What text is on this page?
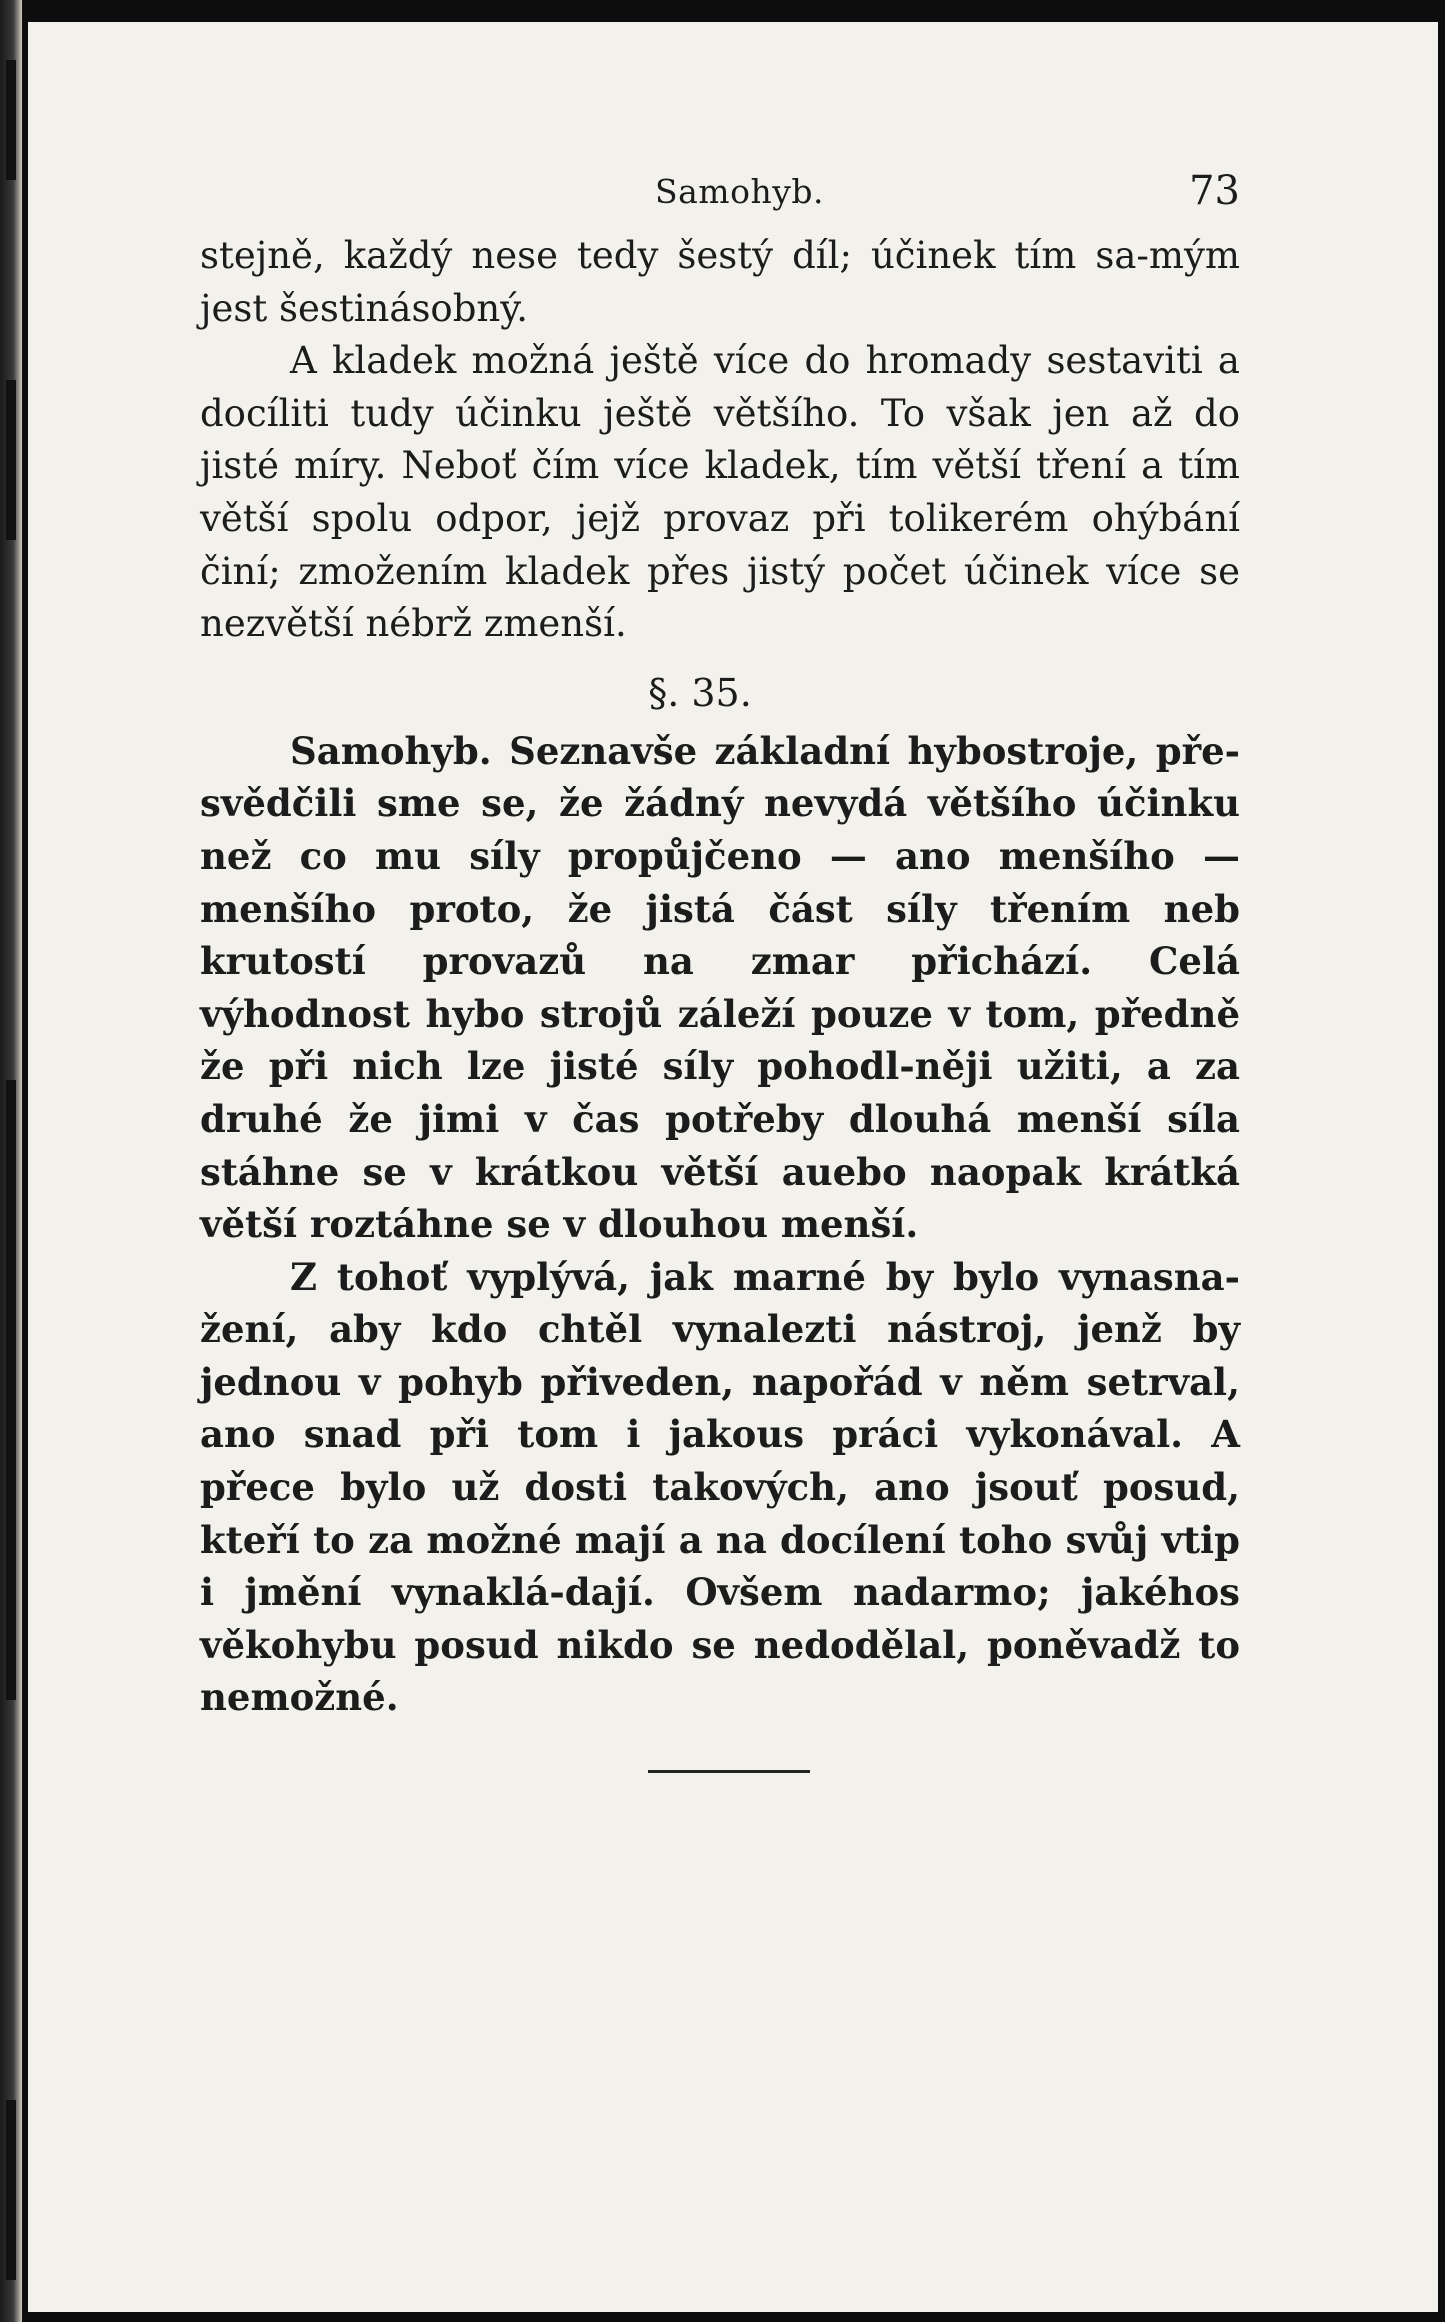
Samohyb.	73

stejně, každý nese tedy šestý díl; účinek tím sa-mým jest šestinásobný.

A kladek možná ještě více do hromady sestaviti a docíliti tudy účinku ještě většího. To však jen až do jisté míry. Neboť čím více kladek, tím větší tření a tím větší spolu odpor, jejž provaz při tolikerém ohýbání činí; zmožením kladek přes jistý počet účinek více se nezvětší nébrž zmenší.

§. 35.

Samohyb. Seznavše základní hybostroje, pře-svědčili sme se, že žádný nevydá většího účinku než co mu síly propůjčeno — ano menšího — menšího proto, že jistá část síly třením neb krutostí provazů na zmar přichází. Celá výhodnost hybo strojů záleží pouze v tom, předně že při nich lze jisté síly pohodl-něji užiti, a za druhé že jimi v čas potřeby dlouhá menší síla stáhne se v krátkou větší auebo naopak krátká větší roztáhne se v dlouhou menší.

Z tohoť vyplývá, jak marné by bylo vynasna-žení, aby kdo chtěl vynalezti nástroj, jenž by jednou v pohyb přiveden, napořád v něm setrval, ano snad při tom i jakous práci vykonával. A přece bylo už dosti takových, ano jsouť posud, kteří to za možné mají a na docílení toho svůj vtip i jmění vynaklá-dají. Ovšem nadarmo; jakéhos věkohybu posud nikdo se nedodělal, poněvadž to nemožné.
